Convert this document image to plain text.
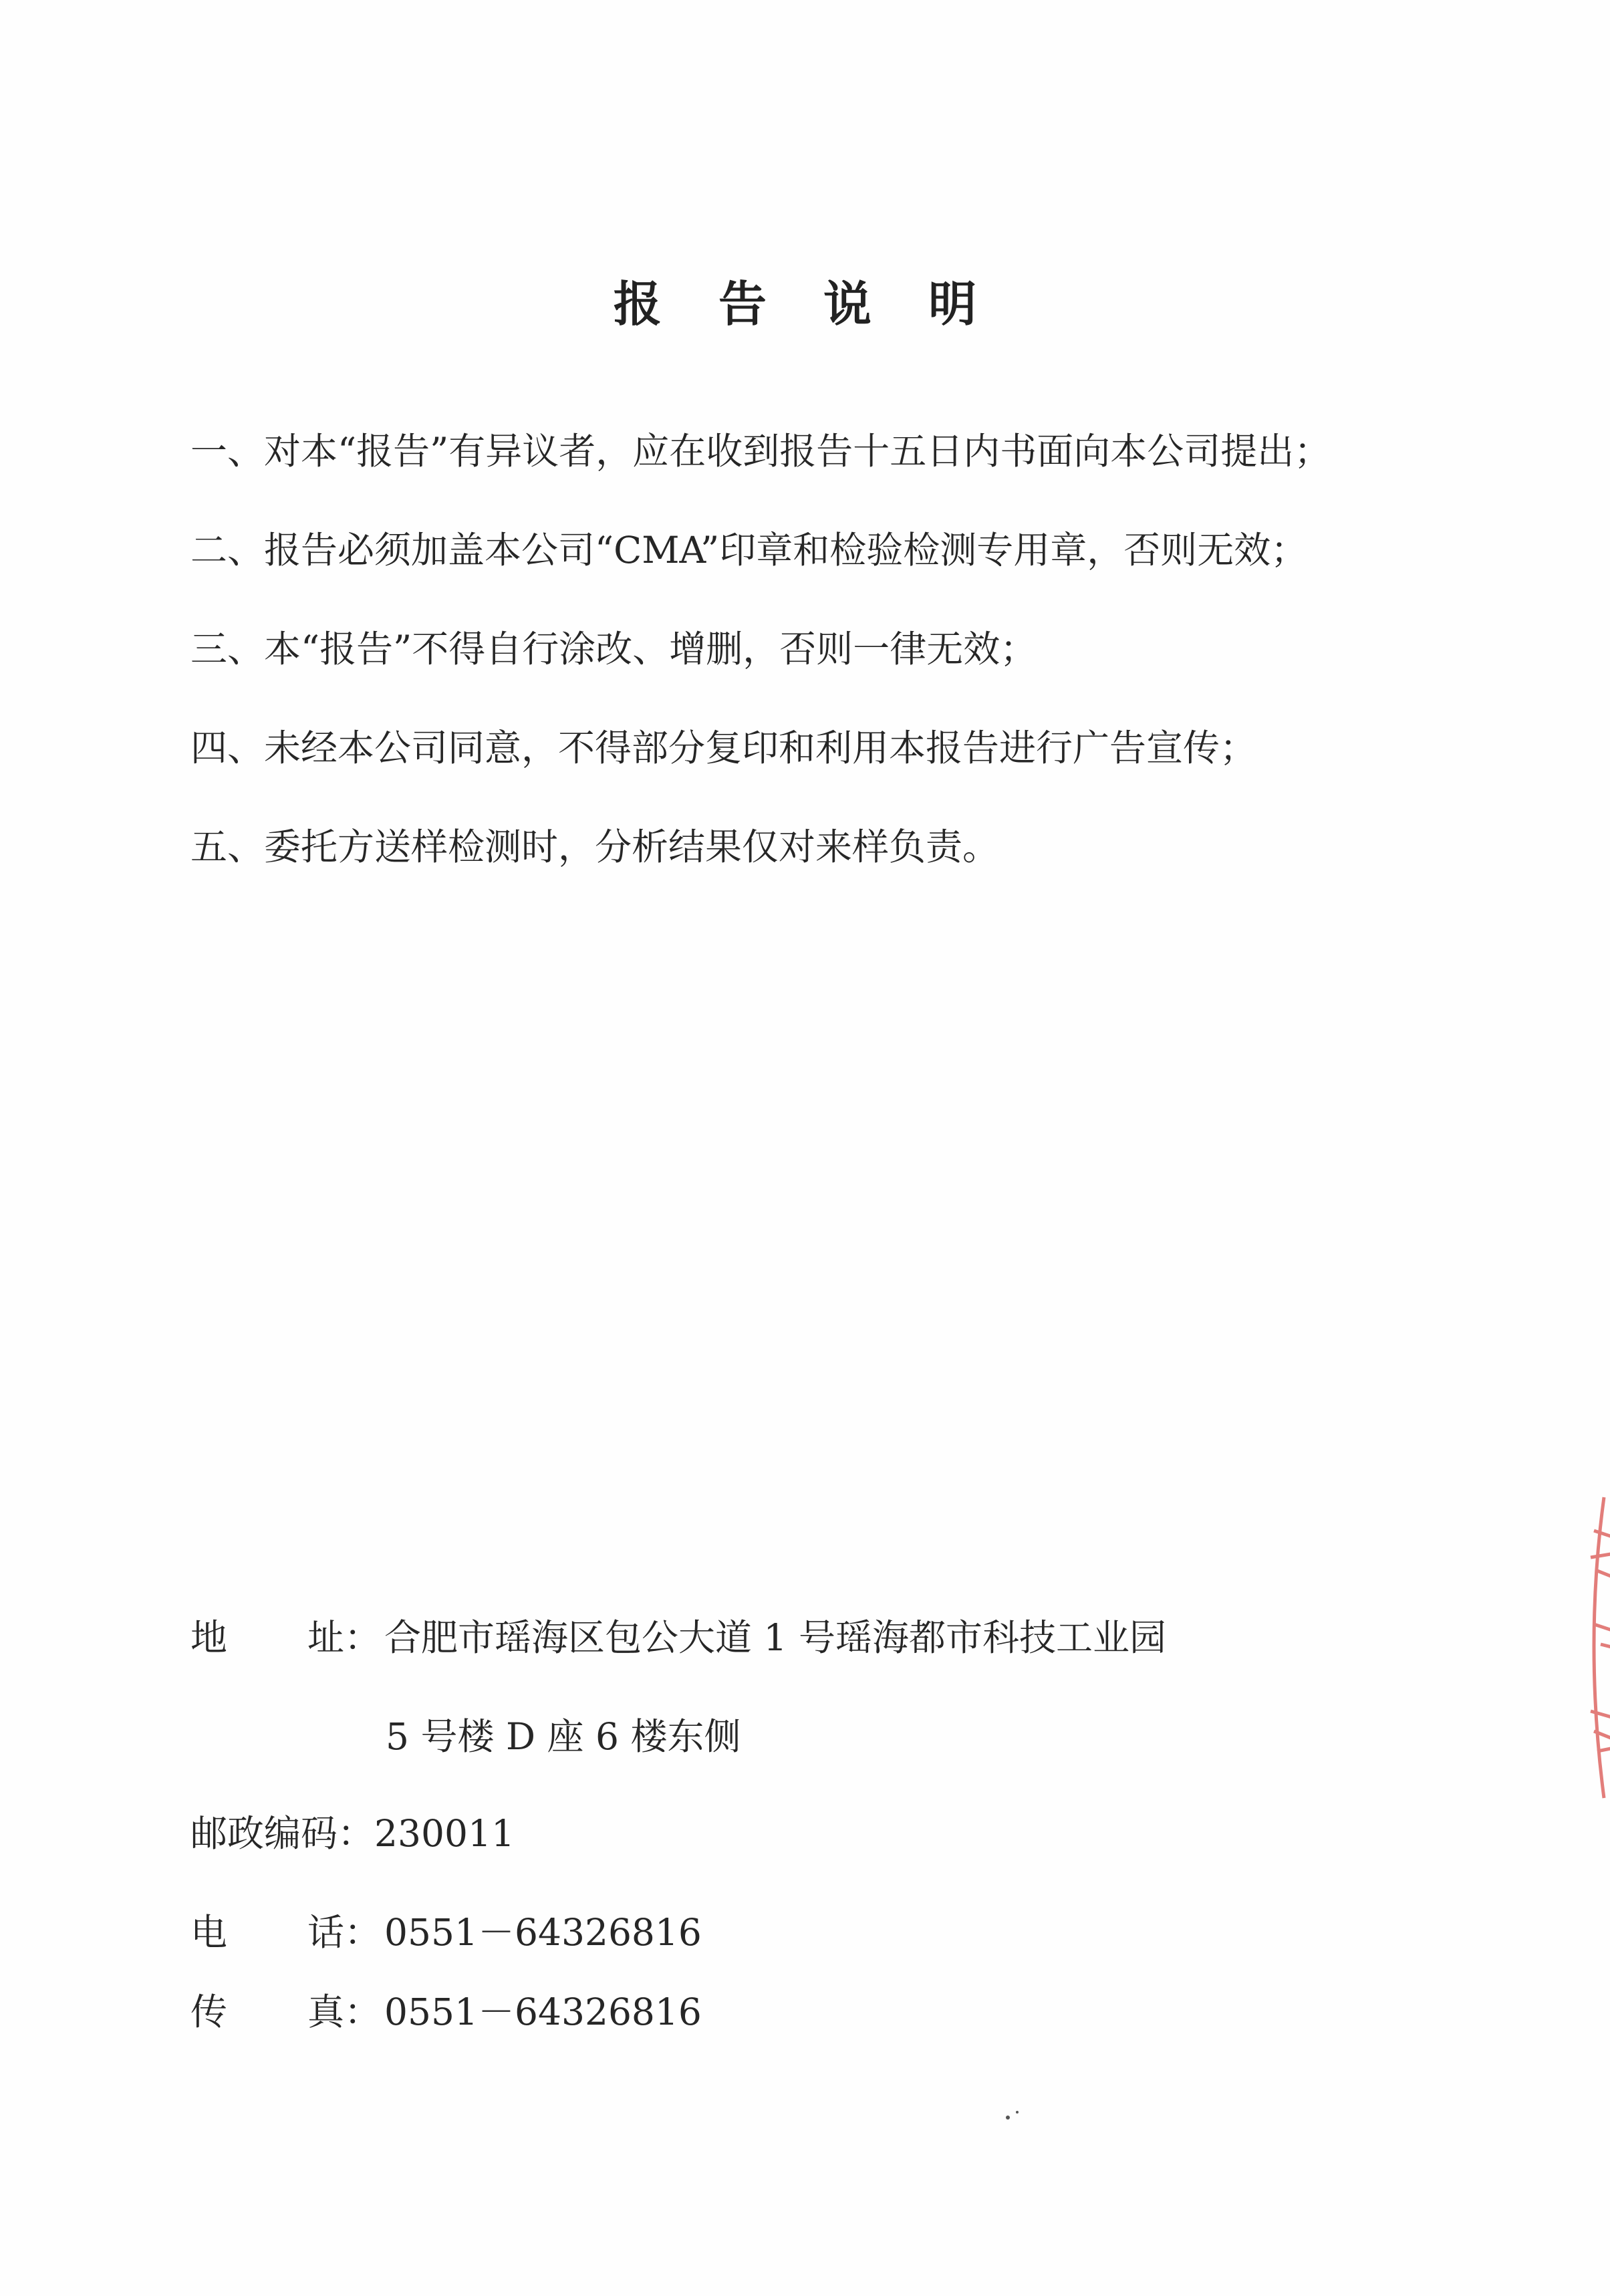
报 告 说 明
一、对本“报告”有异议者，应在收到报告十五日内书面向本公司提出；
二、报告必须加盖本公司“CMA”印章和检验检测专用章，否则无效；
三、本“报告”不得自行涂改、增删，否则一律无效；
四、未经本公司同意，不得部分复印和利用本报告进行广告宣传；
五、委托方送样检测时，分析结果仅对来样负责。
地 址：合肥市瑶海区包公大道 1 号瑶海都市科技工业园
5 号楼 D 座 6 楼东侧
邮政编码：230011
电 话：0551－64326816
传 真：0551－64326816
